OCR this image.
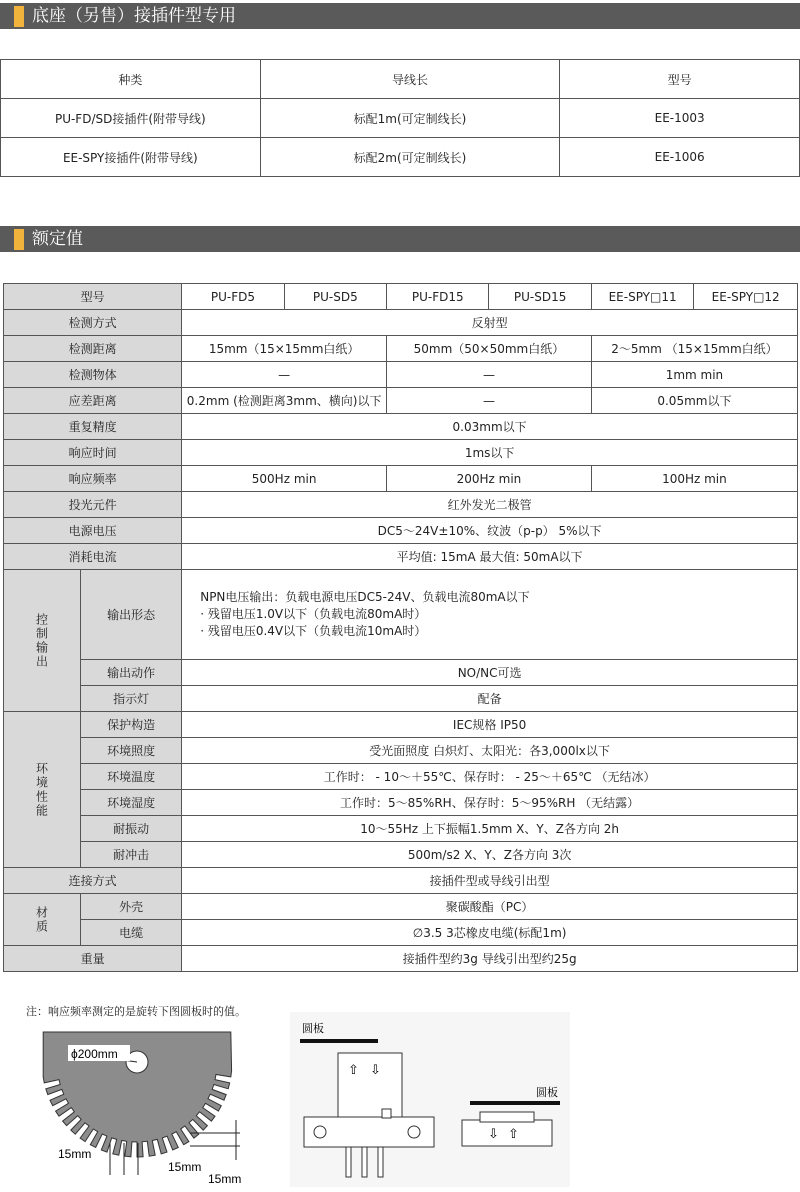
底座（另售）接插件型专用
种类	导线长	型号
PU-FD/SD接插件(附带导线)	标配1m(可定制线长)	EE-1003
EE-SPY接插件(附带导线)	标配2m(可定制线长)	EE-1006
额定值
型号		PU-FD5	PU-SD5	PU-FD15	PU-SD15	EE-SPY□11	EE-SPY□12
检测方式		反射型					
检测距离		15mm（15×15mm白纸）		50mm（50×50mm白纸）		2～5mm （15×15mm白纸）	
检测物体		—		—		1mm min	
应差距离		0.2mm (检测距离3mm、横向)以下		—		0.05mm以下	
重复精度		0.03mm以下					
响应时间		1ms以下					
响应频率		500Hz min		200Hz min		100Hz min	
投光元件		红外发光二极管					
电源电压		DC5～24V±10%、纹波（p-p） 5%以下					
消耗电流		平均值: 15mA 最大值: 50mA以下					
控制输出	输出形态	NPN电压输出：负载电源电压DC5-24V、负载电流80mA以下
· 残留电压1.0V以下（负载电流80mA时）
· 残留电压0.4V以下（负载电流10mA时）					

	输出动作	NO/NC可选					
	指示灯	配备					
环境性能	保护构造	IEC规格 IP50					
	环境照度	受光面照度 白炽灯、太阳光：各3,000lx以下					
	环境温度	工作时： - 10～＋55℃、保存时： - 25～＋65℃ （无结冰）					
	环境湿度	工作时：5～85%RH、保存时：5～95%RH （无结露）					
	耐振动	10～55Hz 上下振幅1.5mm X、Y、Z各方向 2h					
	耐冲击	500m/s2 X、Y、Z各方向 3次					
连接方式		接插件型或导线引出型					
材质	外壳	聚碳酸酯（PC）					
	电缆	∅3.5 3芯橡皮电缆(标配1m)					
重量		接插件型约3g 导线引出型约25g					
注：响应频率测定的是旋转下图圆板时的值。
ϕ200mm
15mm
15mm
15mm
圆板
⇧ ⇩
圆板
⇩ ⇧
